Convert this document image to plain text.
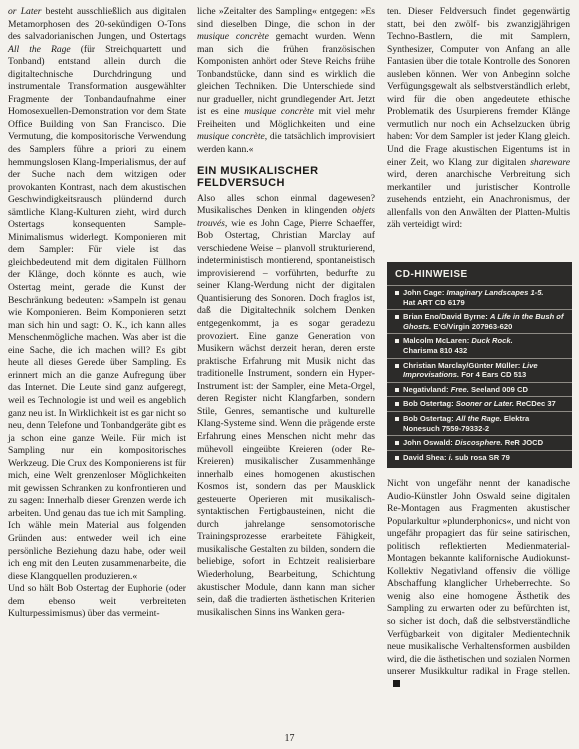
or Later besteht ausschließlich aus digitalen Metamorphosen des 20-sekündigen O-Tons des salvadorianischen Jungen, und Ostertags All the Rage (für Streichquartett und Tonband) entstand allein durch die digitaltechnische Durchdringung und instrumentale Transformation ausgewählter Fragmente der Tonbandaufnahme einer Homosexuellen-Demonstration vor dem State Office Building von San Francisco. Die Vermutung, die kompositorische Verwendung des Samplers führe a priori zu einem hemmungslosen Klang-Imperialismus, der auf der Suche nach dem witzigen oder provokanten Kontrast, nach dem akustischen Geschwindigkeitsrausch plündernd durch sämtliche Klang-Kulturen zieht, wird durch Ostertags konsequenten Sample-Minimalismus widerlegt. Komponieren mit dem Sampler: Für viele ist das gleichbedeutend mit dem digitalen Füllhorn der Klänge, doch könnte es auch, wie Ostertag meint, gerade die Kunst der Beschränkung bedeuten: »Sampeln ist genau wie Komponieren. Beim Komponieren setzt man sich hin und sagt: O. K., ich kann alles Menschenmögliche machen. Was aber ist die eine Sache, die ich machen will? Es gibt heute all dieses Gerede über Sampling. Es erinnert mich an die ganze Aufregung über das Internet. Die Leute sind ganz aufgeregt, weil es Technologie ist und weil es angeblich ganz neu ist. In Wirklichkeit ist es gar nicht so neu, denn Telefone und Tonbandgeräte gibt es ja schon eine ganze Weile. Für mich ist Sampling nur ein kompositorisches Werkzeug. Die Crux des Komponierens ist für mich, eine Welt grenzenloser Möglichkeiten mit gewissen Schranken zu konfrontieren und zu sagen: Innerhalb dieser Grenzen werde ich arbeiten. Und genau das tue ich mit Sampling. Ich wähle mein Material aus folgenden Gründen aus: entweder weil ich eine persönliche Beziehung dazu habe, oder weil ich eng mit den Leuten zusammenarbeite, die diese Klangquellen produzieren.«

Und so hält Bob Ostertag der Euphorie (oder dem ebenso weit verbreiteten Kulturpessimismus) über das vermeint-

liche »Zeitalter des Sampling« entgegen: »Es sind dieselben Dinge, die schon in der musique concrète gemacht wurden. Wenn man sich die frühen französischen Komponisten anhört oder Steve Reichs frühe Tonbandstücke, dann sind es wirklich die gleichen Techniken. Die Unterschiede sind nur gradueller, nicht grundlegender Art. Jetzt ist es eine musique concrète mit viel mehr Freiheiten und Möglichkeiten und eine musique concrète, die tatsächlich improvisiert werden kann.«

EIN MUSIKALISCHER
FELDVERSUCH

Also alles schon einmal dagewesen? Musikalisches Denken in klingenden objets trouvés, wie es John Cage, Pierre Schaeffer, Bob Ostertag, Christian Marclay auf verschiedene Weise – planvoll strukturierend, indeterministisch montierend, spontaneistisch improvisierend – vorführten, bedurfte zu seiner Klang-Werdung nicht der digitalen Quantisierung des Sonoren. Doch fraglos ist, daß die Digitaltechnik solchem Denken entgegenkommt, ja es sogar geradezu provoziert. Eine ganze Generation von Musikern wächst derzeit heran, deren erste praktische Erfahrung mit Musik nicht das traditionelle Instrument, sondern ein Hyper-Instrument ist: der Sampler, eine Meta-Orgel, deren Register nicht Klangfarben, sondern Stile, Genres, semantische und kulturelle Klang-Systeme sind. Wenn die prägende erste Erfahrung eines Menschen nicht mehr das mühevoll eingeübte Kreieren (oder Re-Kreieren) musikalischer Zusammenhänge innerhalb eines homogenen akustischen Kosmos ist, sondern das per Mausklick gesteuerte Operieren mit musikalisch-syntaktischen Fertigbausteinen, nicht die durch jahrelange sensomotorische Trainingsprozesse erarbeitete Fähigkeit, musikalische Gestalten zu bilden, sondern die beliebige, sofort in Echtzeit realisierbare Wiederholung, Bearbeitung, Schichtung akustischer Module, dann kann man sicher sein, daß die tradierten ästhetischen Kriterien musikalischen Sinns ins Wanken gera-

ten. Dieser Feldversuch findet gegenwärtig statt, bei den zwölf- bis zwanzigjährigen Techno-Bastlern, die mit Samplern, Synthesizer, Computer von Anfang an alle Fantasien über die totale Kontrolle des Sonoren ausleben können. Wer von Anbeginn solche Verfügungsgewalt als selbstverständlich erlebt, wird für die oben angedeutete ethische Problematik des Usurpierens fremder Klänge vermutlich nur noch ein Achselzucken übrig haben: Vor dem Sampler ist jeder Klang gleich. Und die Frage akustischen Eigentums ist in einer Zeit, wo Klang zur digitalen shareware wird, deren anarchische Verbreitung sich merkantiler und juristischer Kontrolle zusehends entzieht, ein Anachronismus, der allenfalls von den Anwälten der Platten-Multis zäh verteidigt wird:

CD-HINWEISE
John Cage: Imaginary Landscapes 1-5.
Hat ART CD 6179
Brian Eno/David Byrne: A Life in the Bush of Ghosts. E'G/Virgin 207963-620
Malcolm McLaren: Duck Rock.
Charisma 810 432
Christian Marclay/Günter Müller: Live Improvisations. For 4 Ears CD 513
Negativland: Free. Seeland 009 CD
Bob Ostertag: Sooner or Later. ReCDec 37
Bob Ostertag: All the Rage. Elektra Nonesuch 7559-79332-2
John Oswald: Discosphere. ReR JOCD
David Shea: i. sub rosa SR 79

Nicht von ungefähr nennt der kanadische Audio-Künstler John Oswald seine digitalen Re-Montagen aus Fragmenten akustischer Popularkultur »plunderphonics«, und nicht von ungefähr propagiert das für seine satirischen, politisch reflektierten Medienmaterial-Montagen bekannte kalifornische Audiokunst-Kollektiv Negativland offensiv die völlige Abschaffung klanglicher Urheberrechte. So wenig also eine homogene Ästhetik des Sampling zu erwarten oder zu befürchten ist, so sicher ist doch, daß die selbstverständliche Verfügbarkeit von digitaler Medientechnik neue musikalische Verhaltensformen ausbilden wird, die die ästhetischen und sozialen Normen unserer Musikkultur radikal in Frage stellen.

17
